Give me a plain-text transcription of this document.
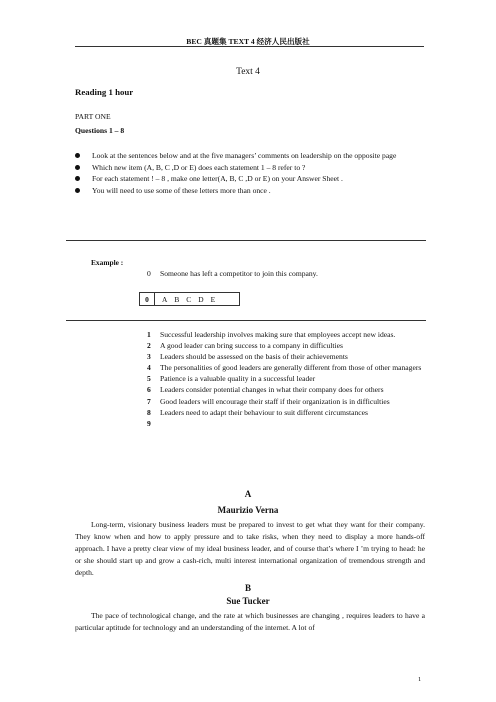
BEC 真题集 TEXT 4 经济人民出版社
Text 4
Reading 1 hour
PART ONE
Questions 1 – 8
Look at the sentences below and at the five managers’ comments on leadership on the opposite page
Which new item (A, B, C ,D or E) does each statement 1 – 8 refer to ?
For each statement ! – 8 , make one letter(A, B, C ,D or E) on your Answer Sheet .
You will need to use some of these letters more than once .
Example :
0 Someone has left a competitor to join this company.
0	A B C D E
1 Successful leadership involves making sure that employees accept new ideas.
2 A good leader can bring success to a company in difficulties
3 Leaders should be assessed on the basis of their achievements
4 The personalities of good leaders are generally different from those of other managers
5 Patience is a valuable quality in a successful leader
6 Leaders consider potential changes in what their company does for others
7 Good leaders will encourage their staff if their organization is in difficulties
8 Leaders need to adapt their behaviour to suit different circumstances
9
A
Maurizio Verna
Long-term, visionary business leaders must be prepared to invest to get what they want for their company. They know when and how to apply pressure and to take risks, when they need to display a more hands-off approach. I have a pretty clear view of my ideal business leader, and of course that’s where I ’m trying to head: he or she should start up and grow a cash-rich, multi interest international organization of tremendous strength and depth.
B
Sue Tucker
The pace of technological change, and the rate at which businesses are changing , requires leaders to have a particular aptitude for technology and an understanding of the internet. A lot of
1
